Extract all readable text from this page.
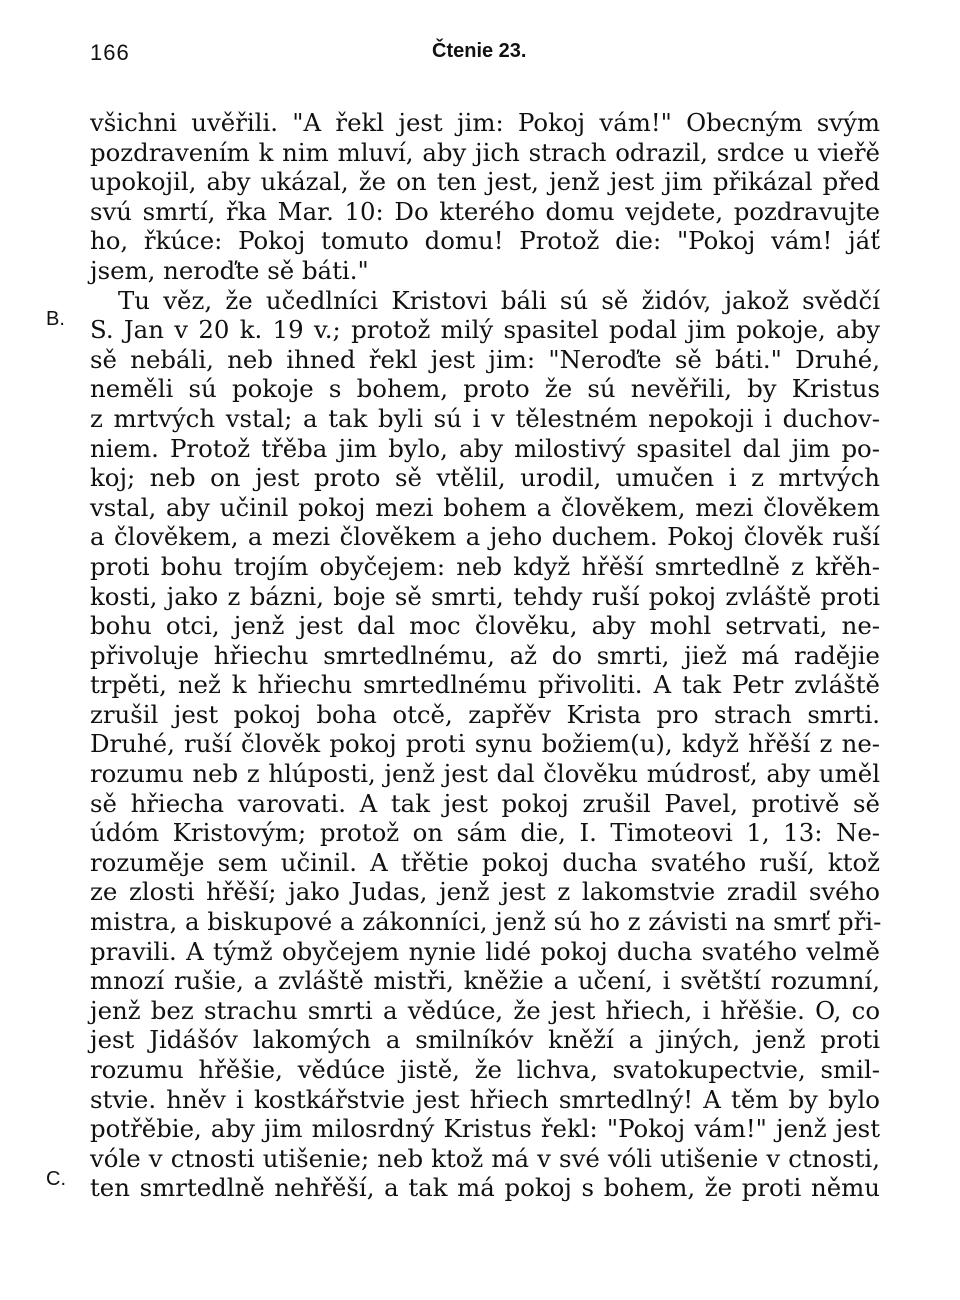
166	Čtenie 23.
B.
C.
všichni uvěřili. "A řekl jest jim: Pokoj vám!" Obecným svým
pozdravením k nim mluví, aby jich strach odrazil, srdce u vieřě
upokojil, aby ukázal, že on ten jest, jenž jest jim přikázal před
svú smrtí, řka Mar. 10: Do kterého domu vejdete, pozdravujte
ho, řkúce: Pokoj tomuto domu! Protož die: "Pokoj vám! jáť
jsem, neroďte sě báti."
Tu věz, že učedlníci Kristovi báli sú sě židóv, jakož svědčí
S. Jan v 20 k. 19 v.; protož milý spasitel podal jim pokoje, aby
sě nebáli, neb ihned řekl jest jim: "Neroďte sě báti." Druhé,
neměli sú pokoje s bohem, proto že sú nevěřili, by Kristus
z mrtvých vstal; a tak byli sú i v tělestném nepokoji i duchov-
niem. Protož třěba jim bylo, aby milostivý spasitel dal jim po-
koj; neb on jest proto sě vtělil, urodil, umučen i z mrtvých
vstal, aby učinil pokoj mezi bohem a člověkem, mezi člověkem
a člověkem, a mezi člověkem a jeho duchem. Pokoj člověk ruší
proti bohu trojím obyčejem: neb když hřěší smrtedlně z křěh-
kosti, jako z bázni, boje sě smrti, tehdy ruší pokoj zvláště proti
bohu otci, jenž jest dal moc člověku, aby mohl setrvati, ne-
přivoluje hřiechu smrtedlnému, až do smrti, jiež má radějie
trpěti, než k hřiechu smrtedlnému přivoliti. A tak Petr zvláště
zrušil jest pokoj boha otcě, zapřěv Krista pro strach smrti.
Druhé, ruší člověk pokoj proti synu božiem(u), když hřěší z ne-
rozumu neb z hlúposti, jenž jest dal člověku múdrosť, aby uměl
sě hřiecha varovati. A tak jest pokoj zrušil Pavel, protivě sě
údóm Kristovým; protož on sám die, I. Timoteovi 1, 13: Ne-
rozuměje sem učinil. A třětie pokoj ducha svatého ruší, ktož
ze zlosti hřěší; jako Judas, jenž jest z lakomstvie zradil svého
mistra, a biskupové a zákonníci, jenž sú ho z závisti na smrť při-
pravili. A týmž obyčejem nynie lidé pokoj ducha svatého velmě
mnozí rušie, a zvláště mistři, kněžie a učení, i světští rozumní,
jenž bez strachu smrti a vědúce, že jest hřiech, i hřěšie. O, co
jest Jidášóv lakomých a smilníkóv kněží a jiných, jenž proti
rozumu hřěšie, vědúce jistě, že lichva, svatokupectvie, smil-
stvie. hněv i kostkářstvie jest hřiech smrtedlný! A těm by bylo
potřěbie, aby jim milosrdný Kristus řekl: "Pokoj vám!" jenž jest
vóle v ctnosti utišenie; neb ktož má v své vóli utišenie v ctnosti,
ten smrtedlně nehřěší, a tak má pokoj s bohem, že proti němu
